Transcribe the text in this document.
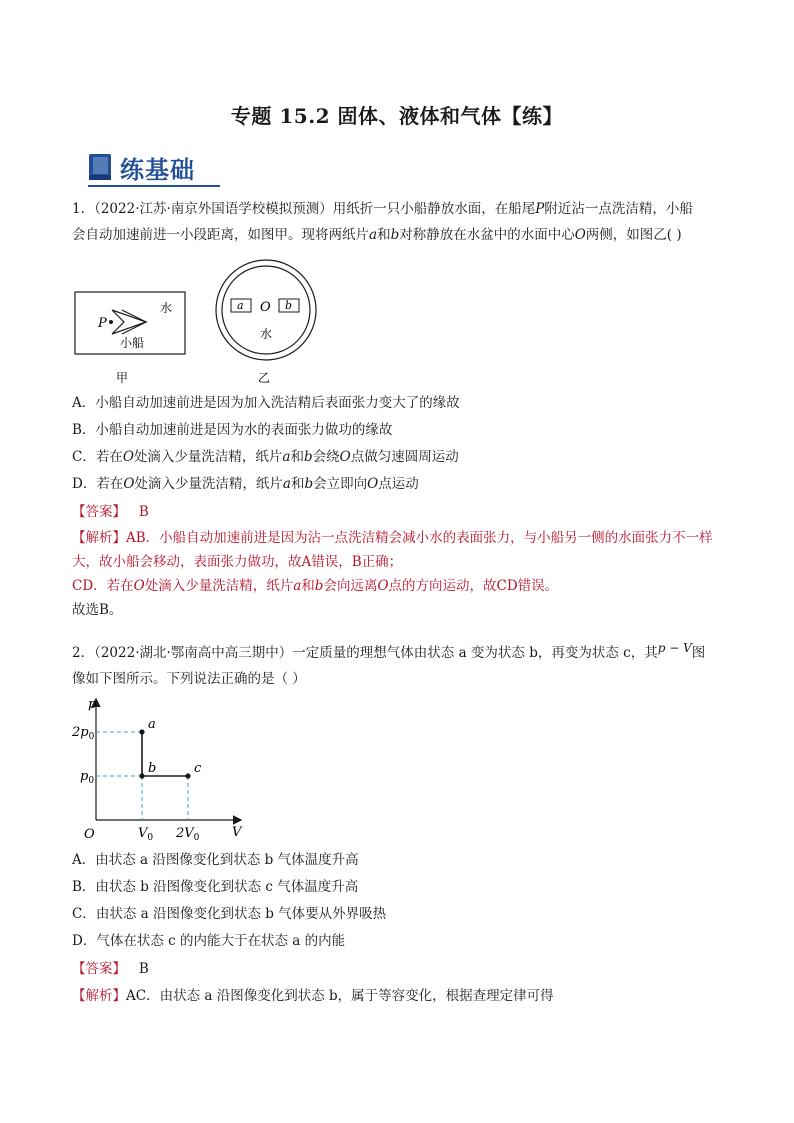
专题 15.2 固体、液体和气体【练】
练基础
1．（2022·江苏·南京外国语学校模拟预测）用纸折一只小船静放水面，在船尾P附近沾一点洗洁精，小船
会自动加速前进一小段距离，如图甲。现将两纸片a和b对称静放在水盆中的水面中心O两侧，如图乙( )
P
水
小船
甲
a	b
O
水
乙
A．小船自动加速前进是因为加入洗洁精后表面张力变大了的缘故
B．小船自动加速前进是因为水的表面张力做功的缘故
C．若在O处滴入少量洗洁精，纸片a和b会绕O点做匀速圆周运动
D．若在O处滴入少量洗洁精，纸片a和b会立即向O点运动
【答案】 B
【解析】AB．小船自动加速前进是因为沾一点洗洁精会减小水的表面张力，与小船另一侧的水面张力不一样大，故小船会移动，表面张力做功，故A错误，B正确；
CD．若在O处滴入少量洗洁精，纸片a和b会向远离O点的方向运动，故CD错误。
故选B。
2．（2022·湖北·鄂南高中高三期中）一定质量的理想气体由状态 a 变为状态 b，再变为状态 c，其p − V图
像如下图所示。下列说法正确的是（ ）
a
b	c
p
V
O
$2p_0$
$p_0$
$V_0$ $2V_0$
A．由状态 a 沿图像变化到状态 b 气体温度升高
B．由状态 b 沿图像变化到状态 c 气体温度升高
C．由状态 a 沿图像变化到状态 b 气体要从外界吸热
D．气体在状态 c 的内能大于在状态 a 的内能
【答案】 B
【解析】AC．由状态 a 沿图像变化到状态 b，属于等容变化，根据查理定律可得
